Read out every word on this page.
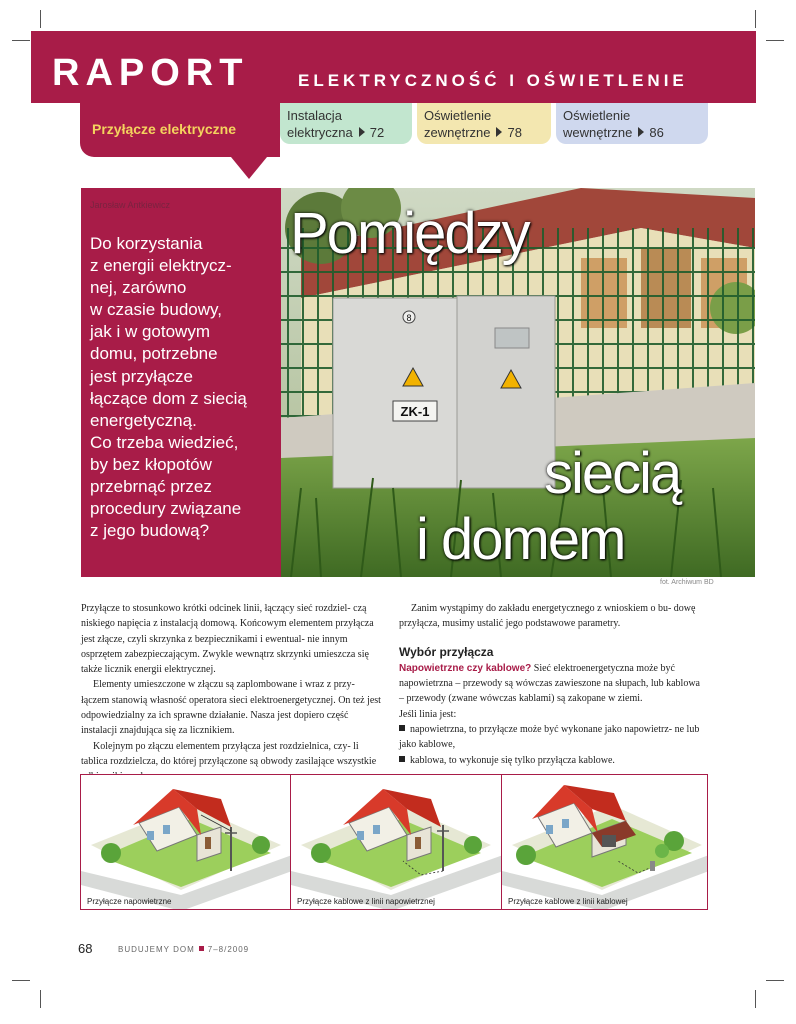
RAPORT	ELEKTRYCZNOŚĆ I OŚWIETLENIE
Przyłącze elektryczne
Instalacja
elektryczna 72
Oświetlenie
zewnętrzne 78
Oświetlenie
wewnętrzne 86
Jarosław Antkiewicz
Do korzystania
z energii elektrycz-
nej, zarówno
w czasie budowy,
jak i w gotowym
domu, potrzebne
jest przyłącze
łączące dom z siecią
energetyczną.
Co trzeba wiedzieć,
by bez kłopotów
przebrnąć przez
procedury związane
z jego budową?
ZK-1
8
Pomiędzy
siecią
i domem
fot. Archiwum BD

Przyłącze to stosunkowo krótki odcinek linii, łączący sieć rozdziel- czą niskiego napięcia z instalacją domową. Końcowym elementem przyłącza jest złącze, czyli skrzynka z bezpiecznikami i ewentual- nie innym osprzętem zabezpieczającym. Zwykle wewnątrz skrzynki umieszcza się także licznik energii elektrycznej.

Elementy umieszczone w złączu są zaplombowane i wraz z przy- łączem stanowią własność operatora sieci elektroenergetycznej. On też jest odpowiedzialny za ich sprawne działanie. Nasza jest dopiero część instalacji znajdująca się za licznikiem.

Kolejnym po złączu elementem przyłącza jest rozdzielnica, czy- li tablica rozdzielcza, do której przyłączone są obwody zasilające wszystkie

Zanim wystąpimy do zakładu energetycznego z wnioskiem o bu- dowę przyłącza, musimy ustalić jego podstawowe parametry.

Wybór przyłącza

Napowietrzne czy kablowe? Sieć elektroenergetyczna może być napowietrzna – przewody są wówczas zawieszone na słupach, lub kablowa – przewody (zwane wówczas kablami) są zakopane w ziemi.

Jeśli linia jest:

napowietrzna, to przyłącze może być wykonane jako napowietrz- ne lub jako kablowe,

kablowa, to wykonuje się tylko przyłącza kablowe.

Przyłącze napowietrzne	Przyłącze kablowe z linii napowietrznej	Przyłącze kablowe z linii kablowej
68	BUDUJEMY DOM 7–8/2009
